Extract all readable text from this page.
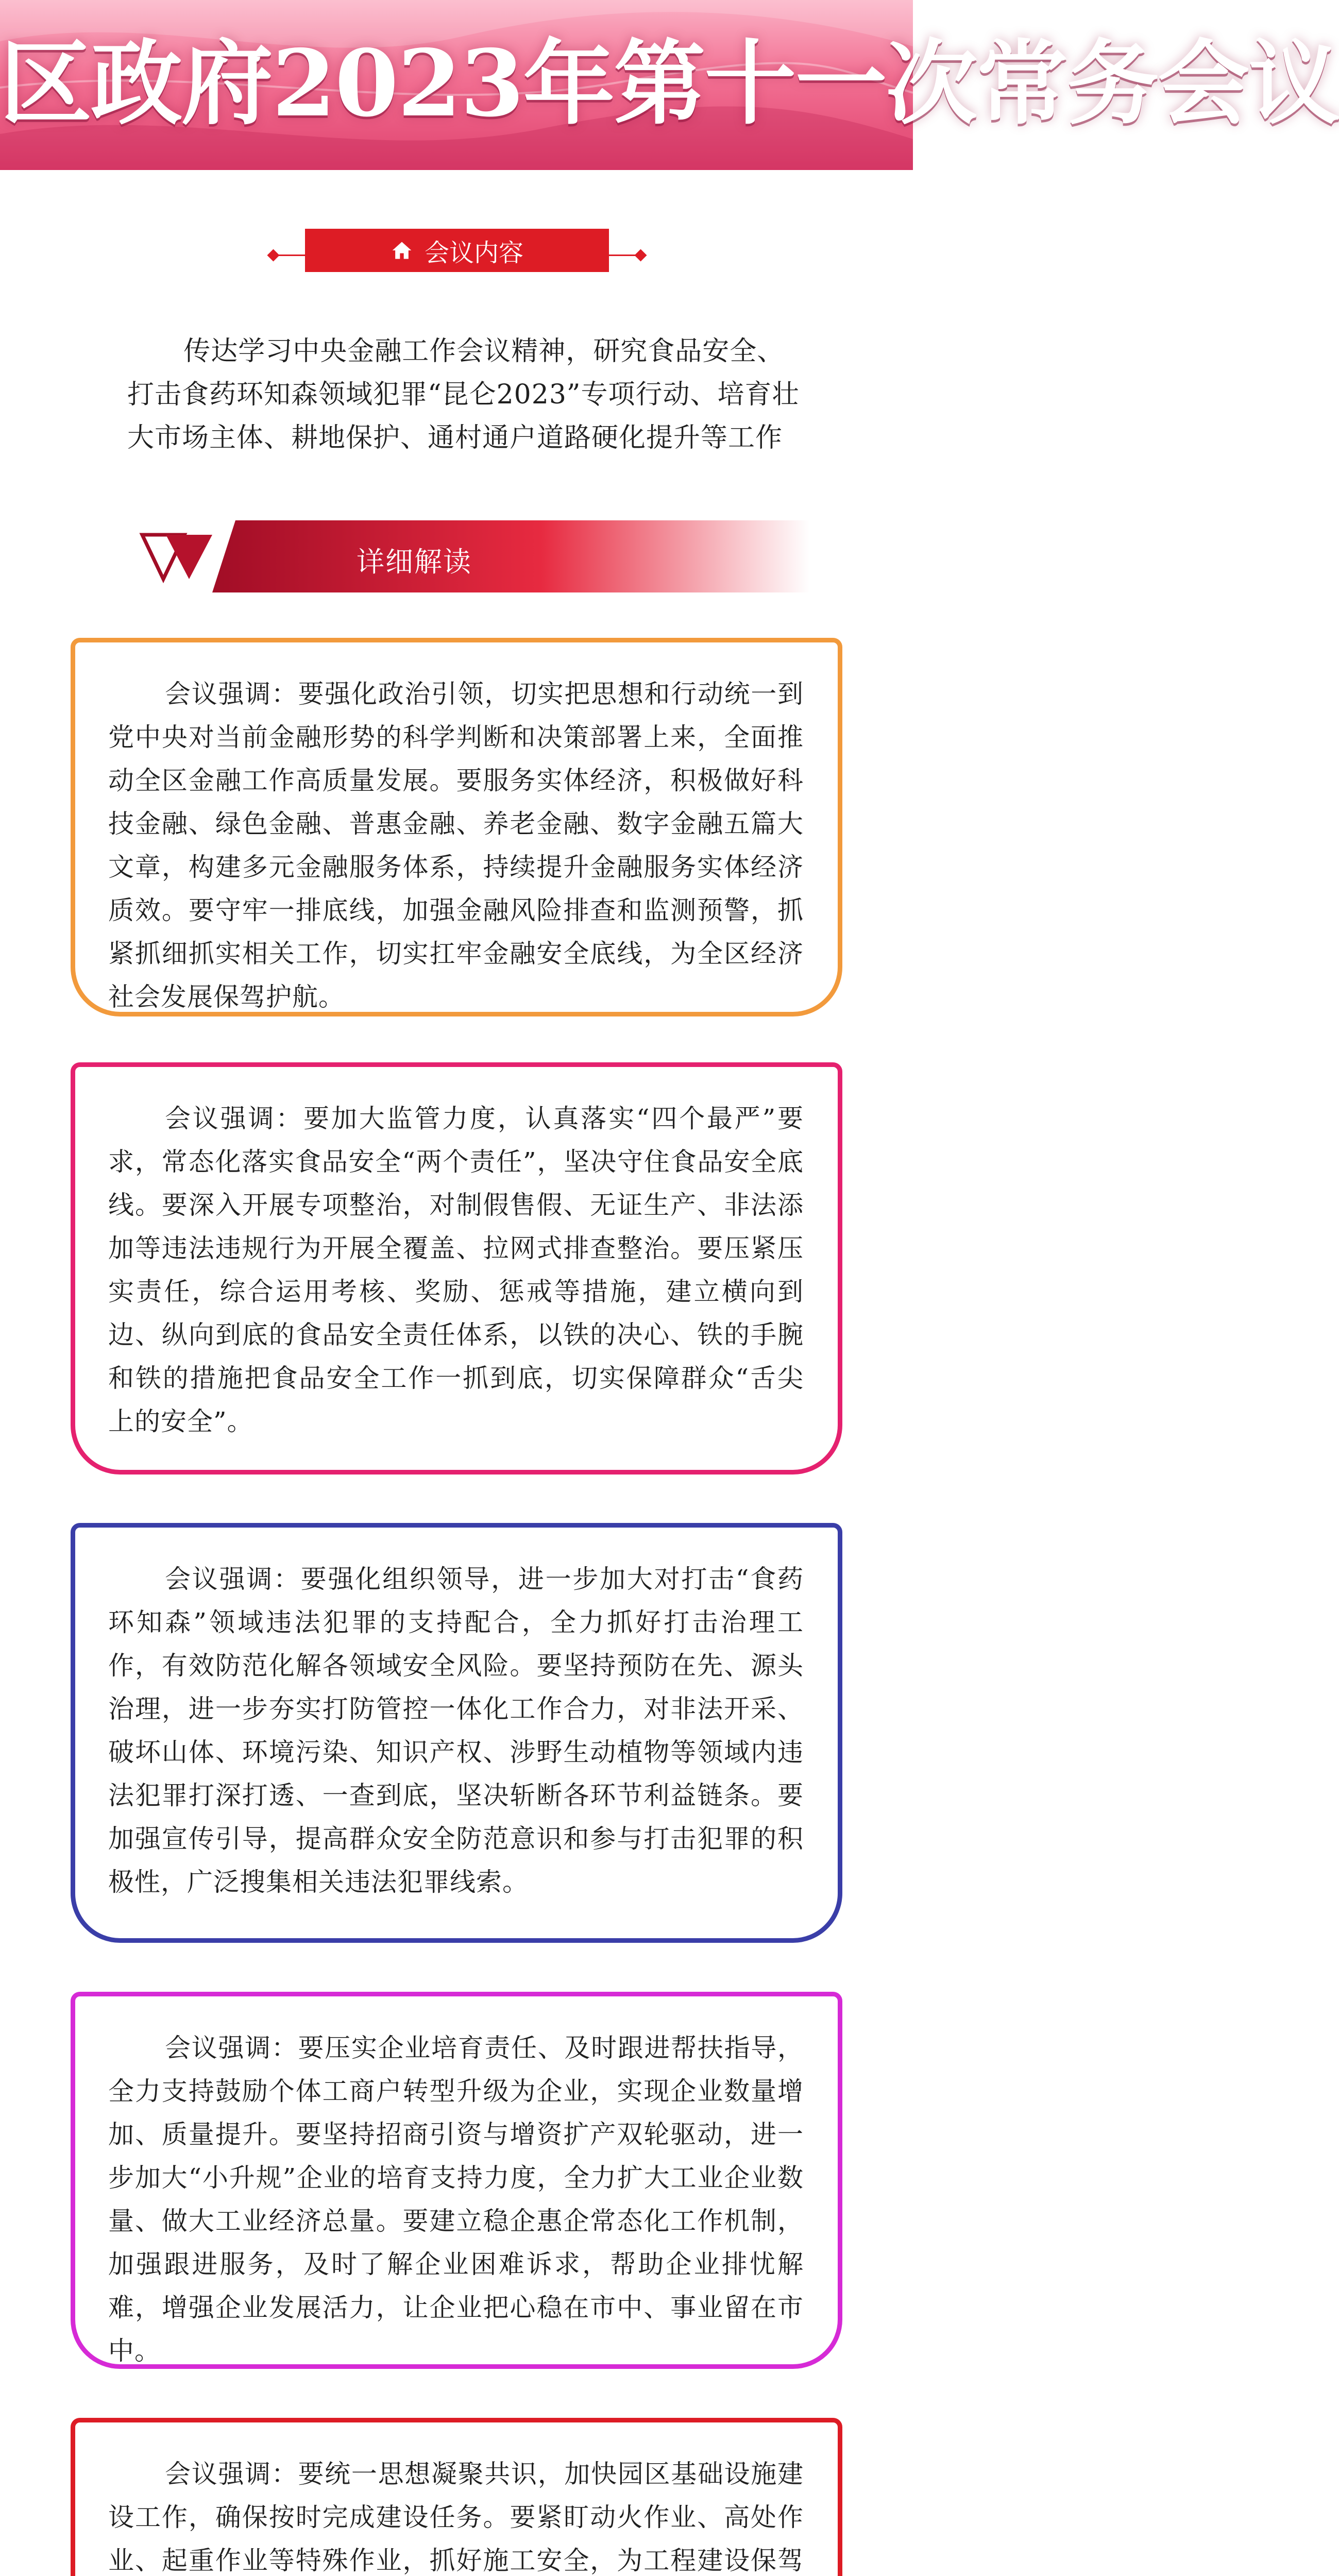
区政府2023年第十一次常务会议
会议内容
传达学习中央金融工作会议精神，研究食品安全、打击食药环知森领域犯罪“昆仑2023”专项行动、培育壮大市场主体、耕地保护、通村通户道路硬化提升等工作
详细解读

会议强调：要强化政治引领，切实把思想和行动统一到党中央对当前金融形势的科学判断和决策部署上来，全面推动全区金融工作高质量发展。要服务实体经济，积极做好科技金融、绿色金融、普惠金融、养老金融、数字金融五篇大文章，构建多元金融服务体系，持续提升金融服务实体经济质效。要守牢一排底线，加强金融风险排查和监测预警，抓紧抓细抓实相关工作，切实扛牢金融安全底线，为全区经济社会发展保驾护航。

会议强调：要加大监管力度，认真落实“四个最严”要求，常态化落实食品安全“两个责任”，坚决守住食品安全底线。要深入开展专项整治，对制假售假、无证生产、非法添加等违法违规行为开展全覆盖、拉网式排查整治。要压紧压实责任，综合运用考核、奖励、惩戒等措施，建立横向到边、纵向到底的食品安全责任体系，以铁的决心、铁的手腕和铁的措施把食品安全工作一抓到底，切实保障群众“舌尖上的安全”。

会议强调：要强化组织领导，进一步加大对打击“食药环知森”领域违法犯罪的支持配合，全力抓好打击治理工作，有效防范化解各领域安全风险。要坚持预防在先、源头治理，进一步夯实打防管控一体化工作合力，对非法开采、破坏山体、环境污染、知识产权、涉野生动植物等领域内违法犯罪打深打透、一查到底，坚决斩断各环节利益链条。要加强宣传引导，提高群众安全防范意识和参与打击犯罪的积极性，广泛搜集相关违法犯罪线索。

会议强调：要压实企业培育责任、及时跟进帮扶指导，全力支持鼓励个体工商户转型升级为企业，实现企业数量增加、质量提升。要坚持招商引资与增资扩产双轮驱动，进一步加大“小升规”企业的培育支持力度，全力扩大工业企业数量、做大工业经济总量。要建立稳企惠企常态化工作机制，加强跟进服务，及时了解企业困难诉求，帮助企业排忧解难，增强企业发展活力，让企业把心稳在市中、事业留在市中。

会议强调：要统一思想凝聚共识，加快园区基础设施建设工作，确保按时完成建设任务。要紧盯动火作业、高处作业、起重作业等特殊作业，抓好施工安全，为工程建设保驾
